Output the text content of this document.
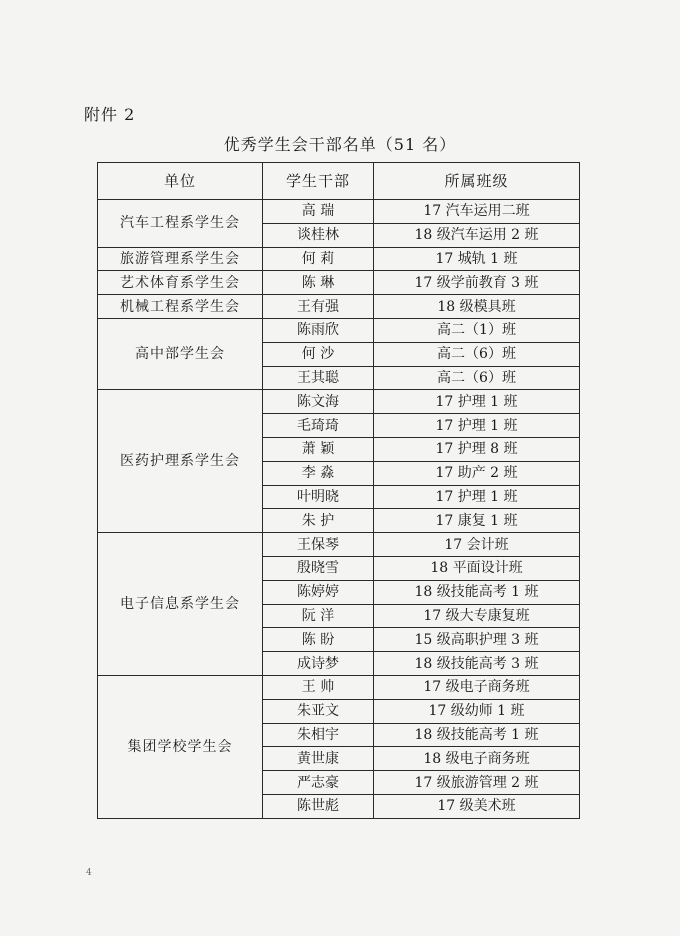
附件 2
优秀学生会干部名单（51 名）
单位	学生干部	所属班级
汽车工程系学生会	高 瑞	17 汽车运用二班
	谈桂林	18 级汽车运用 2 班
旅游管理系学生会	何 莉	17 城轨 1 班
艺术体育系学生会	陈 琳	17 级学前教育 3 班
机械工程系学生会	王有强	18 级模具班
高中部学生会	陈雨欣	高二（1）班
	何 沙	高二（6）班
	王其聪	高二（6）班
医药护理系学生会	陈文海	17 护理 1 班
	毛琦琦	17 护理 1 班
	萧 颖	17 护理 8 班
	李 淼	17 助产 2 班
	叶明晓	17 护理 1 班
	朱 护	17 康复 1 班
电子信息系学生会	王保琴	17 会计班
	殷晓雪	18 平面设计班
	陈婷婷	18 级技能高考 1 班
	阮 洋	17 级大专康复班
	陈 盼	15 级高职护理 3 班
	成诗梦	18 级技能高考 3 班
集团学校学生会	王 帅	17 级电子商务班
	朱亚文	17 级幼师 1 班
	朱相宇	18 级技能高考 1 班
	黄世康	18 级电子商务班
	严志豪	17 级旅游管理 2 班
	陈世彪	17 级美术班
4
